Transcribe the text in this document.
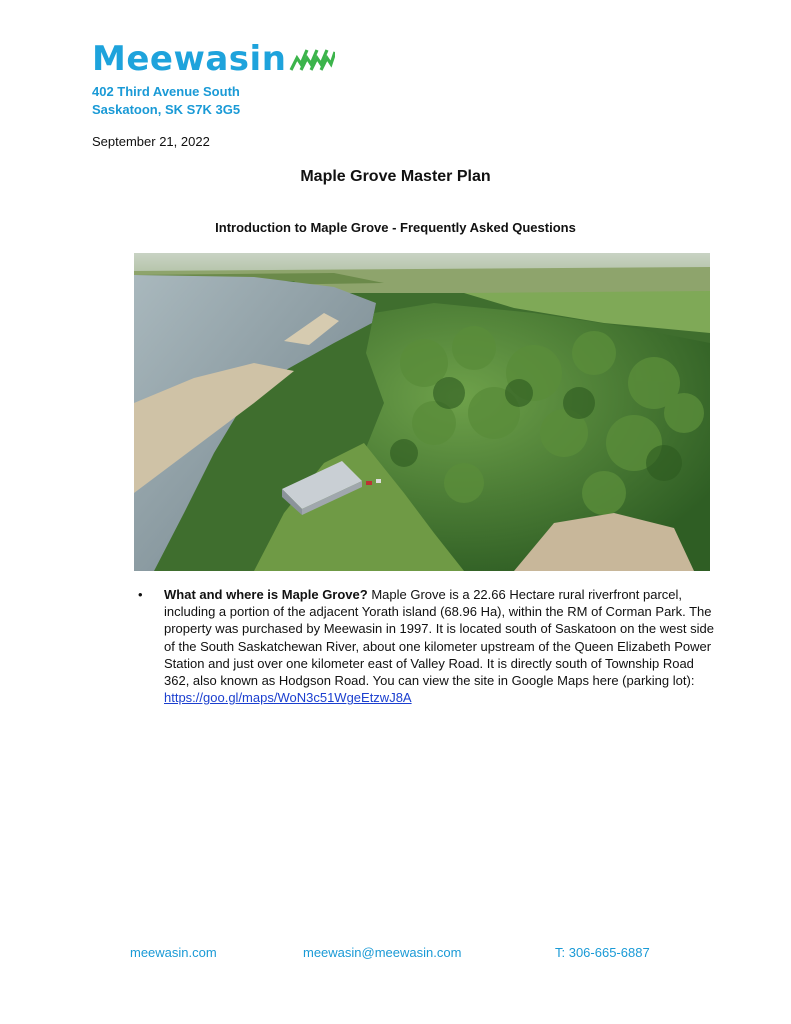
Meewasin
402 Third Avenue South
Saskatoon, SK S7K 3G5
September 21, 2022
Maple Grove Master Plan
Introduction to Maple Grove - Frequently Asked Questions
• What and where is Maple Grove? Maple Grove is a 22.66 Hectare rural riverfront parcel, including a portion of the adjacent Yorath island (68.96 Ha), within the RM of Corman Park. The property was purchased by Meewasin in 1997. It is located south of Saskatoon on the west side of the South Saskatchewan River, about one kilometer upstream of the Queen Elizabeth Power Station and just over one kilometer east of Valley Road. It is directly south of Township Road 362, also known as Hodgson Road. You can view the site in Google Maps here (parking lot): https://goo.gl/maps/WoN3c51WgeEtzwJ8A
meewasin.com	meewasin@meewasin.com	T: 306-665-6887
